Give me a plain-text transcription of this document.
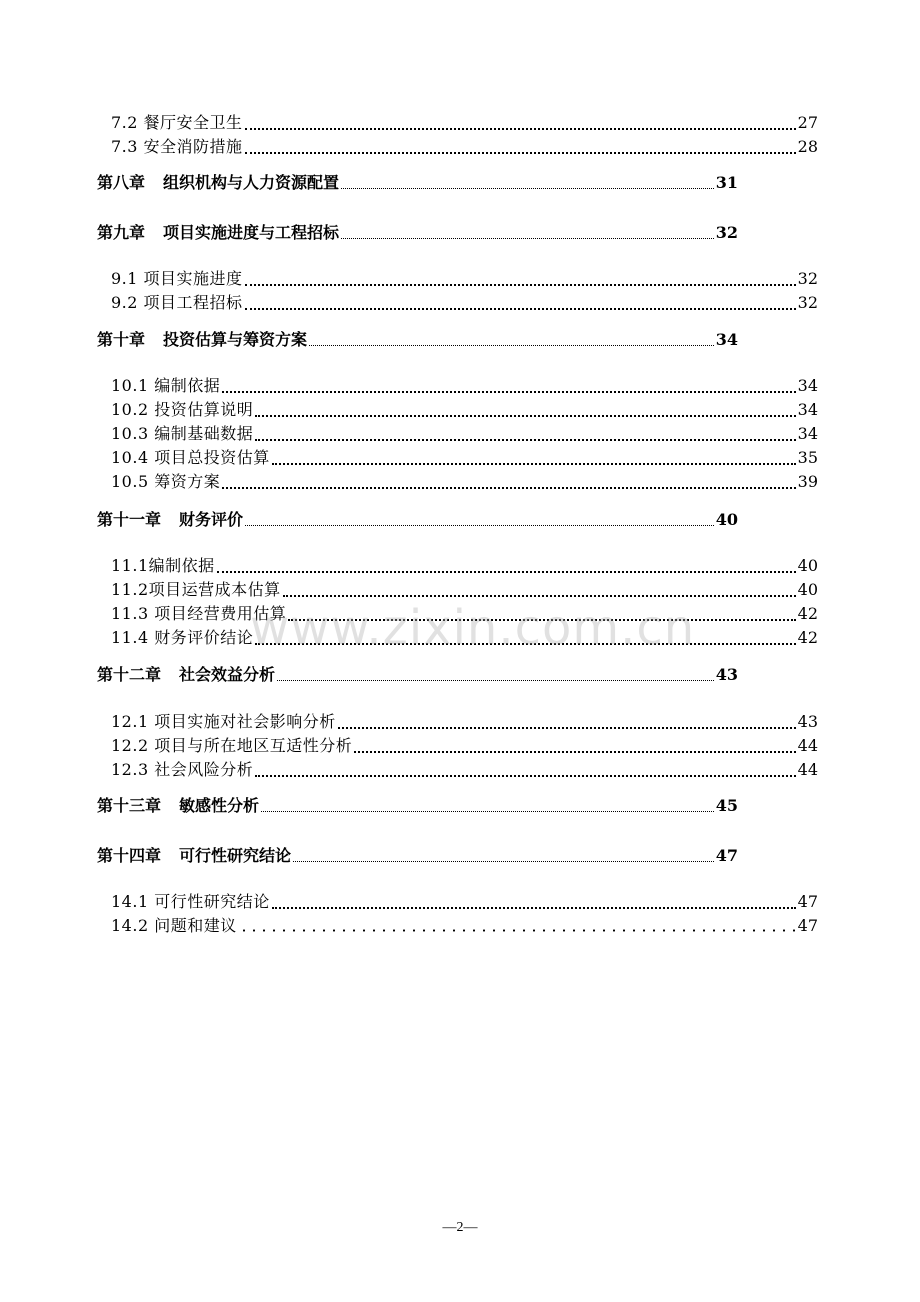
7.2 餐厅安全卫生	27
7.3 安全消防措施	28
第八章 组织机构与人力资源配置	31
第九章 项目实施进度与工程招标	32
9.1 项目实施进度	32
9.2 项目工程招标	32
第十章 投资估算与筹资方案	34
10.1 编制依据	34
10.2 投资估算说明	34
10.3 编制基础数据	34
10.4 项目总投资估算	35
10.5 筹资方案	39
第十一章 财务评价	40
11.1编制依据	40
11.2项目运营成本估算	40
11.3 项目经营费用估算	42
11.4 财务评价结论	42
第十二章 社会效益分析	43
12.1 项目实施对社会影响分析	43
12.2 项目与所在地区互适性分析	44
12.3 社会风险分析	44
第十三章 敏感性分析	45
第十四章 可行性研究结论	47
14.1 可行性研究结论	47
14.2 问题和建议	47
www.zixin.com.cn
—2—
